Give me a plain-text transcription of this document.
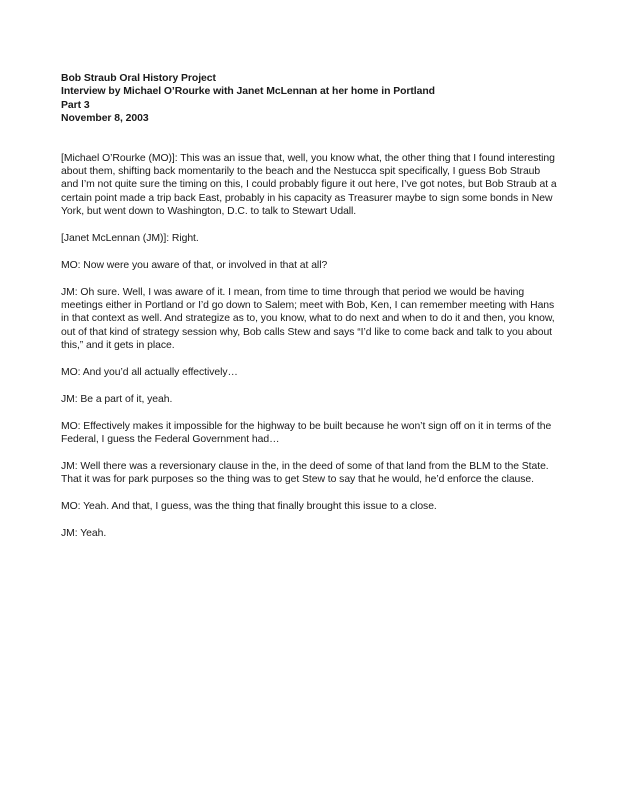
Bob Straub Oral History Project
Interview by Michael O’Rourke with Janet McLennan at her home in Portland
Part 3
November 8, 2003

[Michael O’Rourke (MO)]: This was an issue that, well, you know what, the other thing that I found interesting about them, shifting back momentarily to the beach and the Nestucca spit specifically, I guess Bob Straub and I’m not quite sure the timing on this, I could probably figure it out here, I’ve got notes, but Bob Straub at a certain point made a trip back East, probably in his capacity as Treasurer maybe to sign some bonds in New York, but went down to Washington, D.C. to talk to Stewart Udall.

[Janet McLennan (JM)]: Right.

MO: Now were you aware of that, or involved in that at all?

JM: Oh sure. Well, I was aware of it. I mean, from time to time through that period we would be having meetings either in Portland or I’d go down to Salem; meet with Bob, Ken, I can remember meeting with Hans in that context as well. And strategize as to, you know, what to do next and when to do it and then, you know, out of that kind of strategy session why, Bob calls Stew and says “I’d like to come back and talk to you about this,” and it gets in place.

MO: And you’d all actually effectively…

JM: Be a part of it, yeah.

MO: Effectively makes it impossible for the highway to be built because he won’t sign off on it in terms of the Federal, I guess the Federal Government had…

JM: Well there was a reversionary clause in the, in the deed of some of that land from the BLM to the State. That it was for park purposes so the thing was to get Stew to say that he would, he’d enforce the clause.

MO: Yeah. And that, I guess, was the thing that finally brought this issue to a close.

JM: Yeah.
